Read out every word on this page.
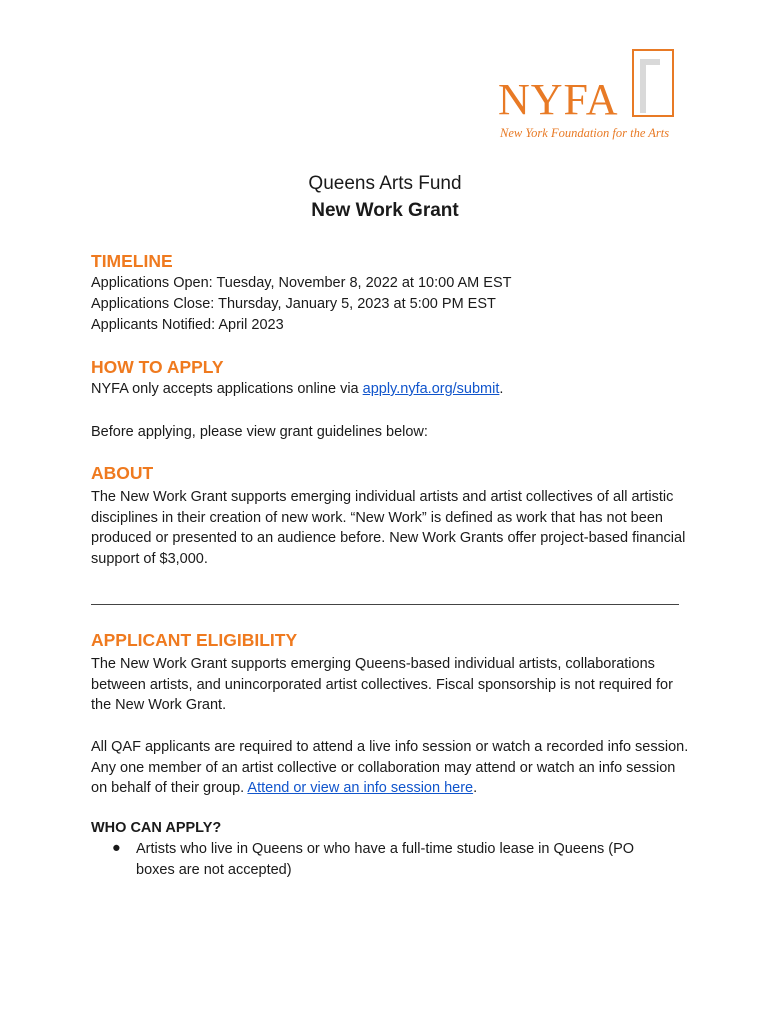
NYFA
New York Foundation for the Arts
Queens Arts Fund
New Work Grant
TIMELINE
Applications Open: Tuesday, November 8, 2022 at 10:00 AM EST
Applications Close: Thursday, January 5, 2023 at 5:00 PM EST
Applicants Notified: April 2023
HOW TO APPLY
NYFA only accepts applications online via apply.nyfa.org/submit.
Before applying, please view grant guidelines below:
ABOUT
The New Work Grant supports emerging individual artists and artist collectives of all artistic disciplines in their creation of new work. “New Work” is defined as work that has not been produced or presented to an audience before. New Work Grants offer project-based financial support of $3,000.
APPLICANT ELIGIBILITY
The New Work Grant supports emerging Queens-based individual artists, collaborations between artists, and unincorporated artist collectives. Fiscal sponsorship is not required for the New Work Grant.
All QAF applicants are required to attend a live info session or watch a recorded info session. Any one member of an artist collective or collaboration may attend or watch an info session on behalf of their group. Attend or view an info session here.
WHO CAN APPLY?
● Artists who live in Queens or who have a full-time studio lease in Queens (PO boxes are not accepted)
